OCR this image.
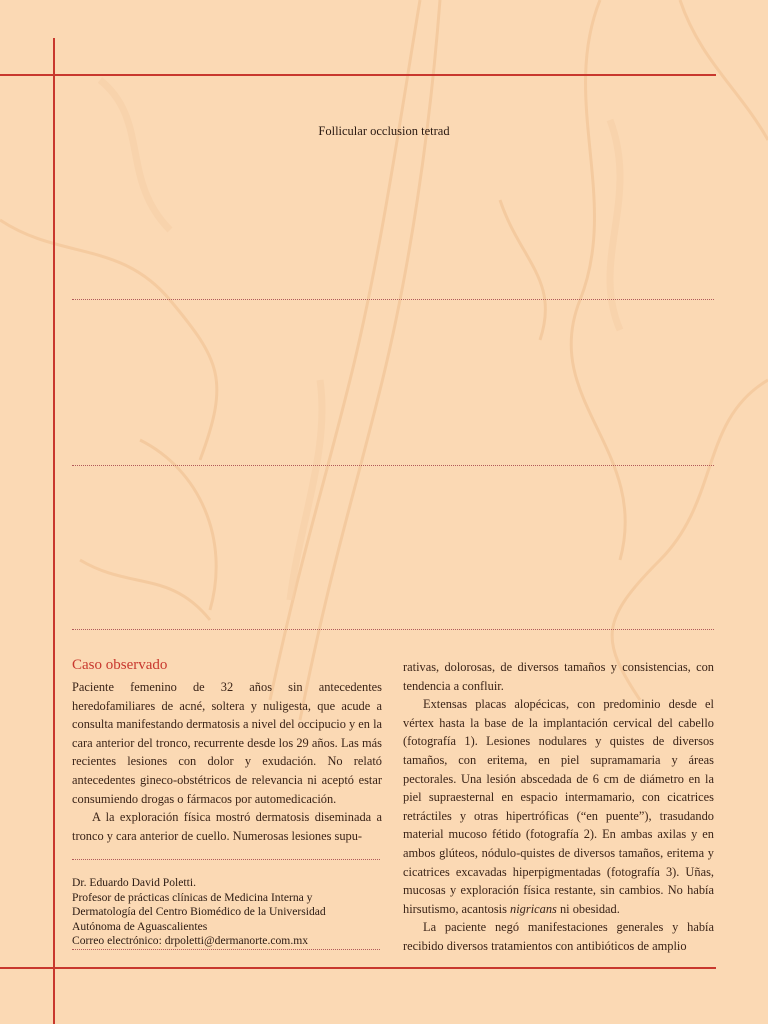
Follicular occlusion tetrad
Caso observado

Paciente femenino de 32 años sin antecedentes heredofamiliares de acné, soltera y nuligesta, que acude a consulta manifestando dermatosis a nivel del occipucio y en la cara anterior del tronco, recurrente desde los 29 años. Las más recientes lesiones con dolor y exudación. No relató antecedentes gineco-obstétricos de relevancia ni aceptó estar consumiendo drogas o fármacos por automedicación.

A la exploración física mostró dermatosis diseminada a tronco y cara anterior de cuello. Numerosas lesiones supu-

rativas, dolorosas, de diversos tamaños y consistencias, con tendencia a confluir.

Extensas placas alopécicas, con predominio desde el vértex hasta la base de la implantación cervical del cabello (fotografía 1). Lesiones nodulares y quistes de diversos tamaños, con eritema, en piel supramamaria y áreas pectorales. Una lesión abscedada de 6 cm de diámetro en la piel supraesternal en espacio intermamario, con cicatrices retráctiles y otras hipertróficas (“en puente”), trasudando material mucoso fétido (fotografía 2). En ambas axilas y en ambos glúteos, nódulo-quistes de diversos tamaños, eritema y cicatrices excavadas hiperpigmentadas (fotografía 3). Uñas, mucosas y exploración física restante, sin cambios. No había hirsutismo, acantosis nigricans ni obesidad.

La paciente negó manifestaciones generales y había recibido diversos tratamientos con antibióticos de amplio

Dr. Eduardo David Poletti.
Profesor de prácticas clínicas de Medicina Interna y
Dermatología del Centro Biomédico de la Universidad
Autónoma de Aguascalientes
Correo electrónico: drpoletti@dermanorte.com.mx
